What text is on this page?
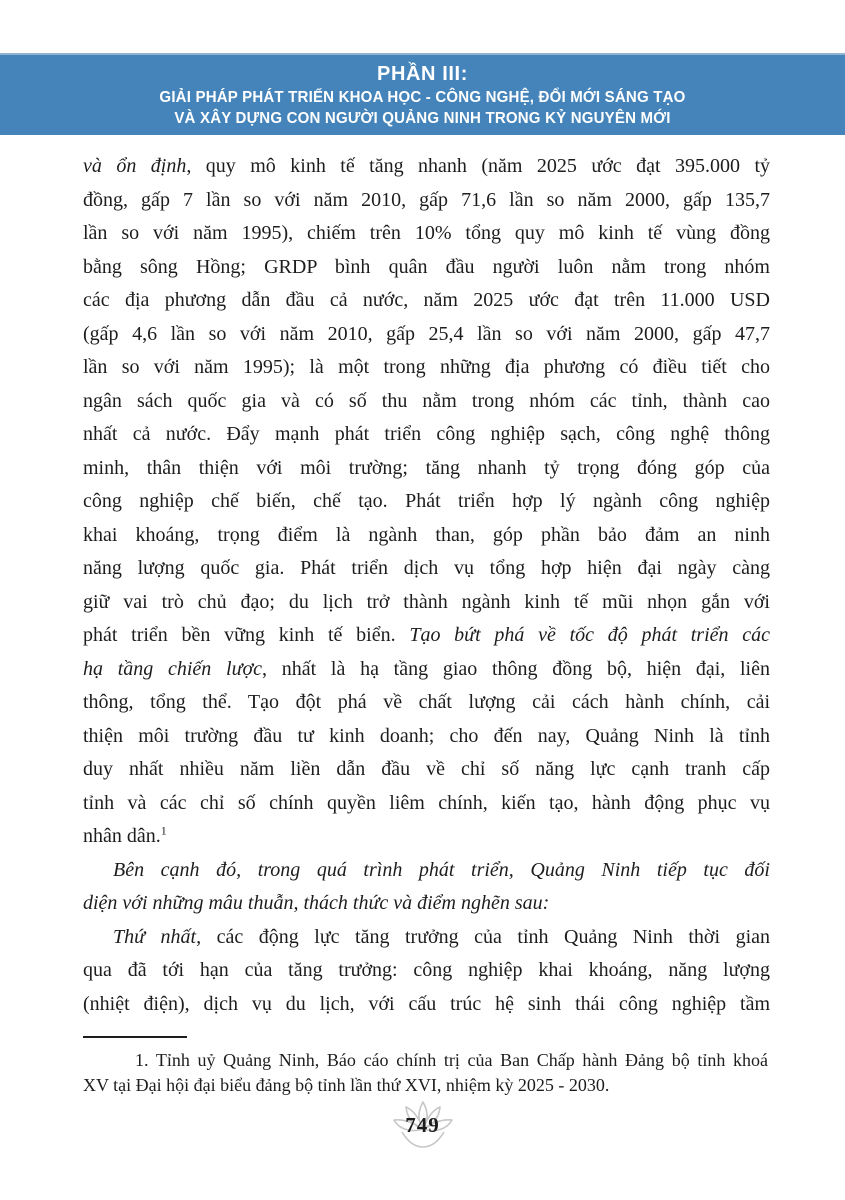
PHẦN III:
GIẢI PHÁP PHÁT TRIỂN KHOA HỌC - CÔNG NGHỆ, ĐỔI MỚI SÁNG TẠO
VÀ XÂY DỰNG CON NGƯỜI QUẢNG NINH TRONG KỶ NGUYÊN MỚI
và ổn định, quy mô kinh tế tăng nhanh (năm 2025 ước đạt 395.000 tỷ
đồng, gấp 7 lần so với năm 2010, gấp 71,6 lần so năm 2000, gấp 135,7
lần so với năm 1995), chiếm trên 10% tổng quy mô kinh tế vùng đồng
bằng sông Hồng; GRDP bình quân đầu người luôn nằm trong nhóm
các địa phương dẫn đầu cả nước, năm 2025 ước đạt trên 11.000 USD
(gấp 4,6 lần so với năm 2010, gấp 25,4 lần so với năm 2000, gấp 47,7
lần so với năm 1995); là một trong những địa phương có điều tiết cho
ngân sách quốc gia và có số thu nằm trong nhóm các tỉnh, thành cao
nhất cả nước. Đẩy mạnh phát triển công nghiệp sạch, công nghệ thông
minh, thân thiện với môi trường; tăng nhanh tỷ trọng đóng góp của
công nghiệp chế biến, chế tạo. Phát triển hợp lý ngành công nghiệp
khai khoáng, trọng điểm là ngành than, góp phần bảo đảm an ninh
năng lượng quốc gia. Phát triển dịch vụ tổng hợp hiện đại ngày càng
giữ vai trò chủ đạo; du lịch trở thành ngành kinh tế mũi nhọn gắn với
phát triển bền vững kinh tế biển. Tạo bứt phá về tốc độ phát triển các
hạ tầng chiến lược, nhất là hạ tầng giao thông đồng bộ, hiện đại, liên
thông, tổng thể. Tạo đột phá về chất lượng cải cách hành chính, cải
thiện môi trường đầu tư kinh doanh; cho đến nay, Quảng Ninh là tỉnh
duy nhất nhiều năm liền dẫn đầu về chỉ số năng lực cạnh tranh cấp
tỉnh và các chỉ số chính quyền liêm chính, kiến tạo, hành động phục vụ
nhân dân.$^1$
Bên cạnh đó, trong quá trình phát triển, Quảng Ninh tiếp tục đối
diện với những mâu thuẫn, thách thức và điểm nghẽn sau:
Thứ nhất, các động lực tăng trưởng của tỉnh Quảng Ninh thời gian
qua đã tới hạn của tăng trưởng: công nghiệp khai khoáng, năng lượng
(nhiệt điện), dịch vụ du lịch, với cấu trúc hệ sinh thái công nghiệp tầm
1. Tỉnh uỷ Quảng Ninh, Báo cáo chính trị của Ban Chấp hành Đảng bộ tỉnh khoá
XV tại Đại hội đại biểu đảng bộ tỉnh lần thứ XVI, nhiệm kỳ 2025 - 2030.
749
